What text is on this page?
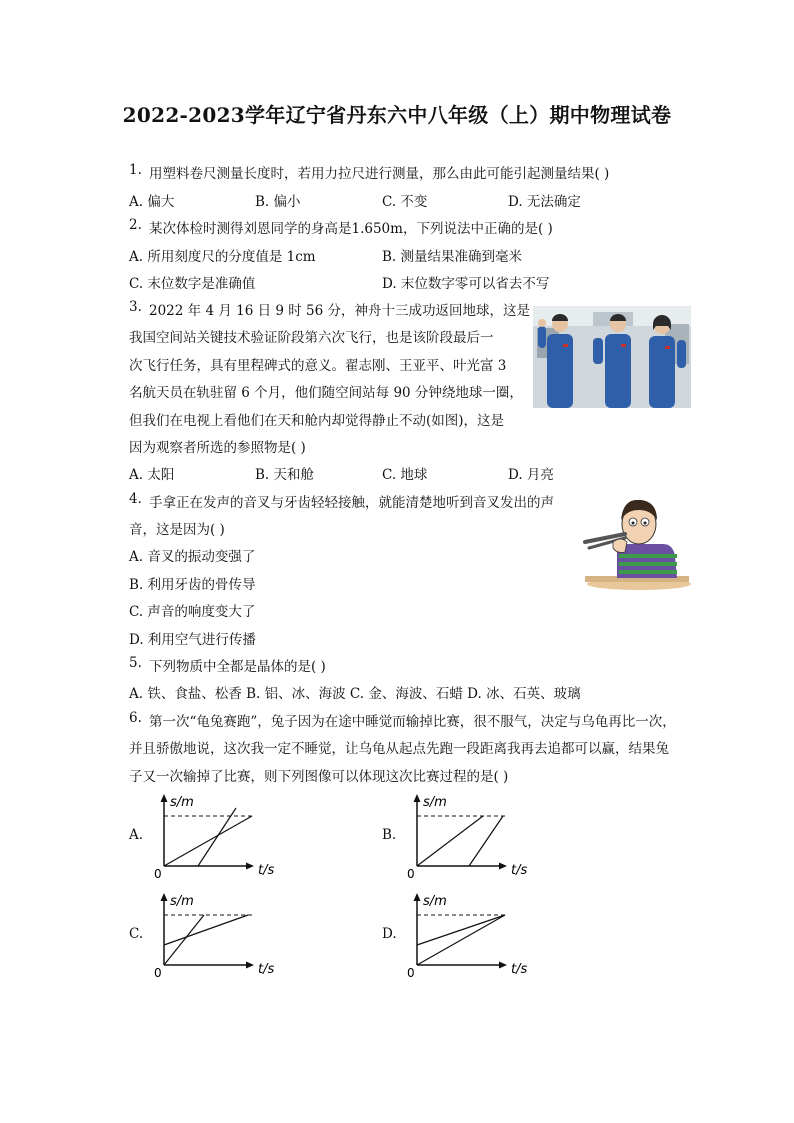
2022-2023学年辽宁省丹东六中八年级（上）期中物理试卷
1. 用塑料卷尺测量长度时，若用力拉尺进行测量，那么由此可能引起测量结果( )
A. 偏大	B. 偏小	C. 不变	D. 无法确定
2. 某次体检时测得刘恩同学的身高是1.650m，下列说法中正确的是( )
A. 所用刻度尺的分度值是 1cm	B. 测量结果准确到毫米
C. 末位数字是准确值	D. 末位数字零可以省去不写
3. 2022 年 4 月 16 日 9 时 56 分，神舟十三成功返回地球，这是
我国空间站关键技术验证阶段第六次飞行，也是该阶段最后一
次飞行任务，具有里程碑式的意义。翟志刚、王亚平、叶光富 3
名航天员在轨驻留 6 个月，他们随空间站每 90 分钟绕地球一圈，
但我们在电视上看他们在天和舱内却觉得静止不动(如图)，这是
因为观察者所选的参照物是( )
A. 太阳	B. 天和舱	C. 地球	D. 月亮
4. 手拿正在发声的音叉与牙齿轻轻接触，就能清楚地听到音叉发出的声
音，这是因为( )
A. 音叉的振动变强了
B. 利用牙齿的骨传导
C. 声音的响度变大了
D. 利用空气进行传播
5. 下列物质中全都是晶体的是( )
A. 铁、食盐、松香 B. 铝、冰、海波 C. 金、海波、石蜡 D. 冰、石英、玻璃
6. 第一次“龟兔赛跑”，兔子因为在途中睡觉而输掉比赛，很不服气，决定与乌龟再比一次，
并且骄傲地说，这次我一定不睡觉，让乌龟从起点先跑一段距离我再去追都可以赢，结果兔
子又一次输掉了比赛，则下列图像可以体现这次比赛过程的是( )
A.	B.
C.	D.
s/m
t/s
0
s/m
t/s
0
s/m
t/s
0
s/m
t/s
0
